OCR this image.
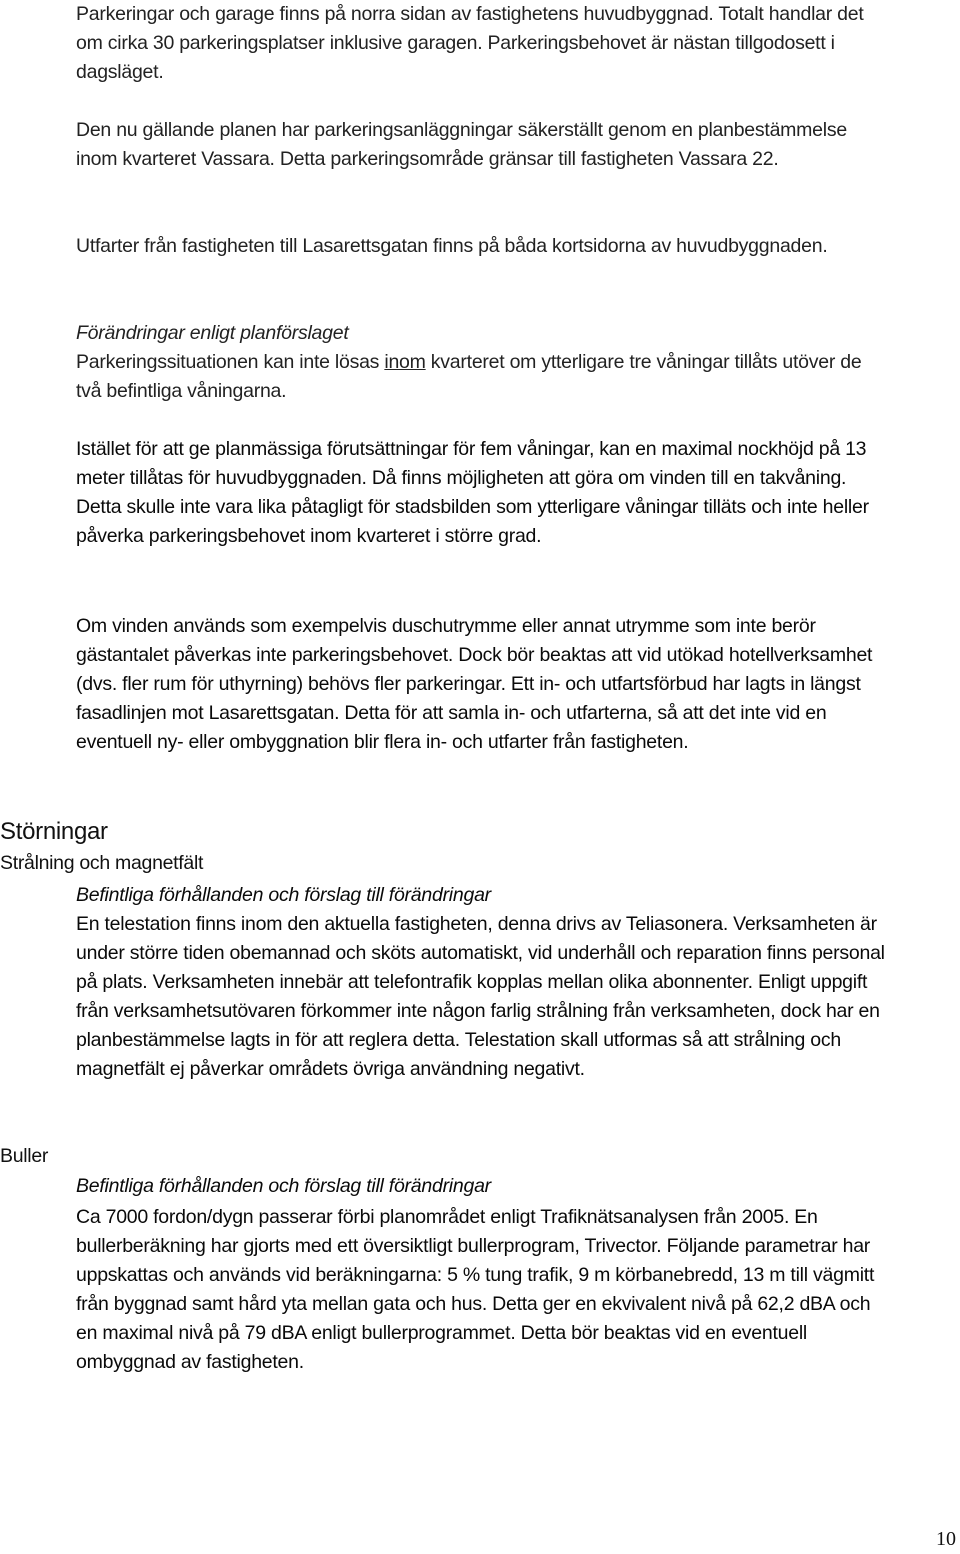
Parkeringar och garage finns på norra sidan av fastighetens huvudbyggnad. Totalt handlar det om cirka 30 parkeringsplatser inklusive garagen. Parkeringsbehovet är nästan tillgodosett i dagsläget.

Den nu gällande planen har parkeringsanläggningar säkerställt genom en planbestämmelse inom kvarteret Vassara. Detta parkeringsområde gränsar till fastigheten Vassara 22.

Utfarter från fastigheten till Lasarettsgatan finns på båda kortsidorna av huvudbyggnaden.

Förändringar enligt planförslaget

Parkeringssituationen kan inte lösas inom kvarteret om ytterligare tre våningar tillåts utöver de två befintliga våningarna.

Istället för att ge planmässiga förutsättningar för fem våningar, kan en maximal nockhöjd på 13 meter tillåtas för huvudbyggnaden. Då finns möjligheten att göra om vinden till en takvåning. Detta skulle inte vara lika påtagligt för stadsbilden som ytterligare våningar tilläts och inte heller påverka parkeringsbehovet inom kvarteret i större grad.

Om vinden används som exempelvis duschutrymme eller annat utrymme som inte berör gästantalet påverkas inte parkeringsbehovet. Dock bör beaktas att vid utökad hotellverksamhet (dvs. fler rum för uthyrning) behövs fler parkeringar. Ett in- och utfartsförbud har lagts in längst fasadlinjen mot Lasarettsgatan. Detta för att samla in- och utfarterna, så att det inte vid en eventuell ny- eller ombyggnation blir flera in- och utfarter från fastigheten.

Störningar
Strålning och magnetfält

Befintliga förhållanden och förslag till förändringar

En telestation finns inom den aktuella fastigheten, denna drivs av Teliasonera. Verksamheten är under större tiden obemannad och sköts automatiskt, vid underhåll och reparation finns personal på plats. Verksamheten innebär att telefontrafik kopplas mellan olika abonnenter. Enligt uppgift från verksamhetsutövaren förkommer inte någon farlig strålning från verksamheten, dock har en planbestämmelse lagts in för att reglera detta. Telestation skall utformas så att strålning och magnetfält ej påverkar områdets övriga användning negativt.

Buller

Befintliga förhållanden och förslag till förändringar

Ca 7000 fordon/dygn passerar förbi planområdet enligt Trafiknätsanalysen från 2005. En bullerberäkning har gjorts med ett översiktligt bullerprogram, Trivector. Följande parametrar har uppskattas och används vid beräkningarna: 5 % tung trafik, 9 m körbanebredd, 13 m till vägmitt från byggnad samt hård yta mellan gata och hus. Detta ger en ekvivalent nivå på 62,2 dBA och en maximal nivå på 79 dBA enligt bullerprogrammet. Detta bör beaktas vid en eventuell ombyggnad av fastigheten.

10
